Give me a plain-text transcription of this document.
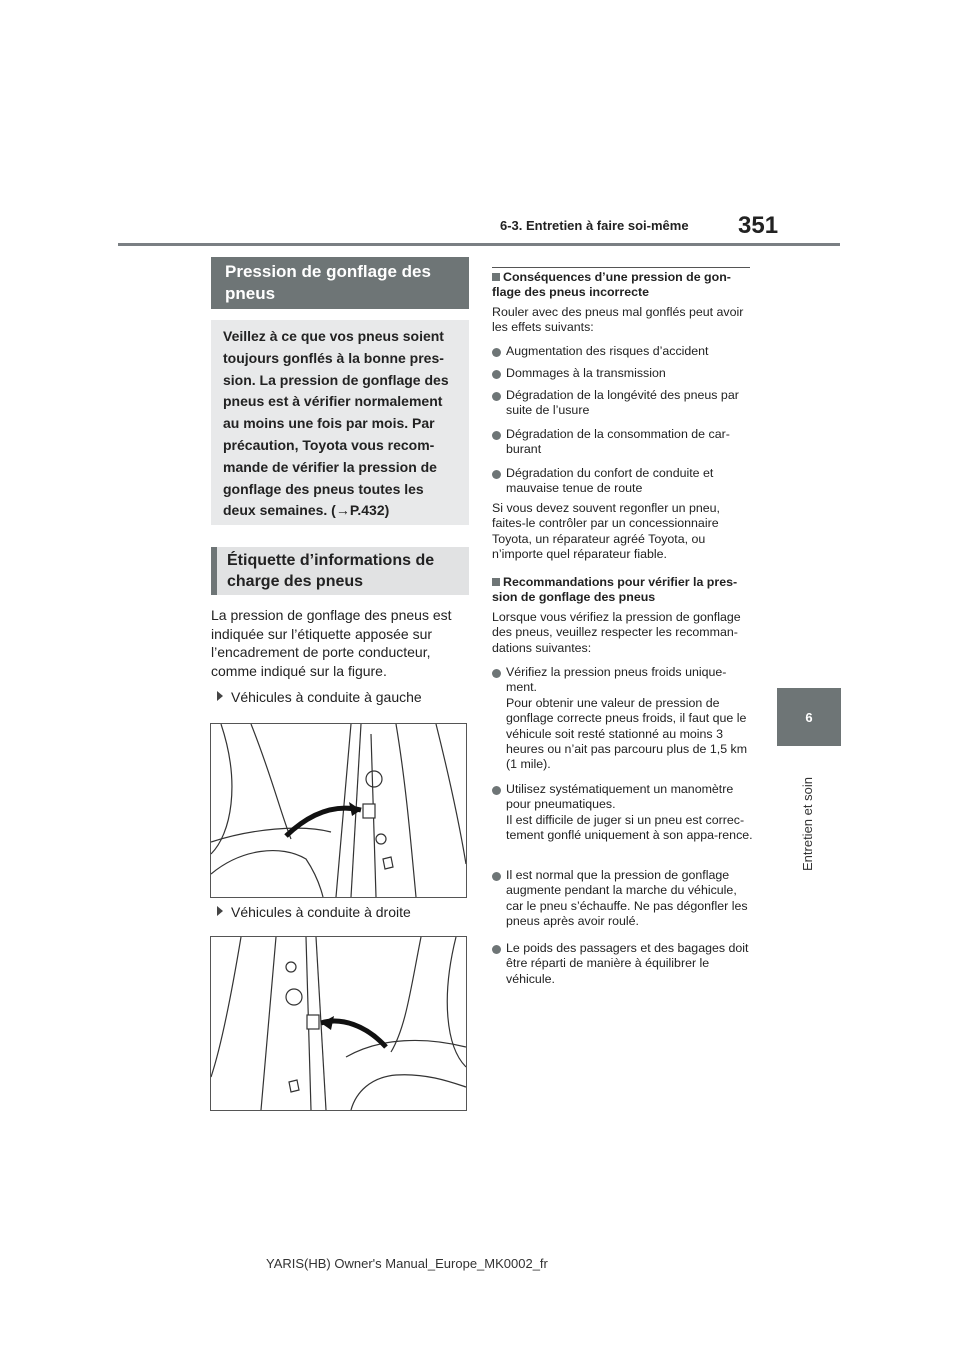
6-3. Entretien à faire soi-même 351
6
Entretien et soin
Pression de gonflage des pneus
Veillez à ce que vos pneus soient toujours gonflés à la bonne pres-sion. La pression de gonflage des pneus est à vérifier normalement au moins une fois par mois. Par précaution, Toyota vous recom-mande de vérifier la pression de gonflage des pneus toutes les deux semaines. (→P.432)
Étiquette d’informations de charge des pneus
La pression de gonflage des pneus est indiquée sur l’étiquette apposée sur l’encadrement de porte conducteur, comme indiqué sur la figure.
Véhicules à conduite à gauche
Véhicules à conduite à droite
Conséquences d’une pression de gon-flage des pneus incorrecte
Rouler avec des pneus mal gonflés peut avoir les effets suivants:
Augmentation des risques d’accident
Dommages à la transmission
Dégradation de la longévité des pneus par suite de l’usure
Dégradation de la consommation de car-burant
Dégradation du confort de conduite et mauvaise tenue de route
Si vous devez souvent regonfler un pneu, faites-le contrôler par un concessionnaire Toyota, un réparateur agréé Toyota, ou n’importe quel réparateur fiable.
Recommandations pour vérifier la pres-sion de gonflage des pneus
Lorsque vous vérifiez la pression de gonflage des pneus, veuillez respecter les recomman-dations suivantes:
Vérifiez la pression pneus froids unique-ment.
Pour obtenir une valeur de pression de gonflage correcte pneus froids, il faut que le véhicule soit resté stationné au moins 3 heures ou n’ait pas parcouru plus de 1,5 km (1 mile).
Utilisez systématiquement un manomètre pour pneumatiques.
Il est difficile de juger si un pneu est correc-tement gonflé uniquement à son appa-rence.
Il est normal que la pression de gonflage augmente pendant la marche du véhicule, car le pneu s’échauffe. Ne pas dégonfler les pneus après avoir roulé.
Le poids des passagers et des bagages doit être réparti de manière à équilibrer le véhicule.
YARIS(HB) Owner's Manual_Europe_MK0002_fr
